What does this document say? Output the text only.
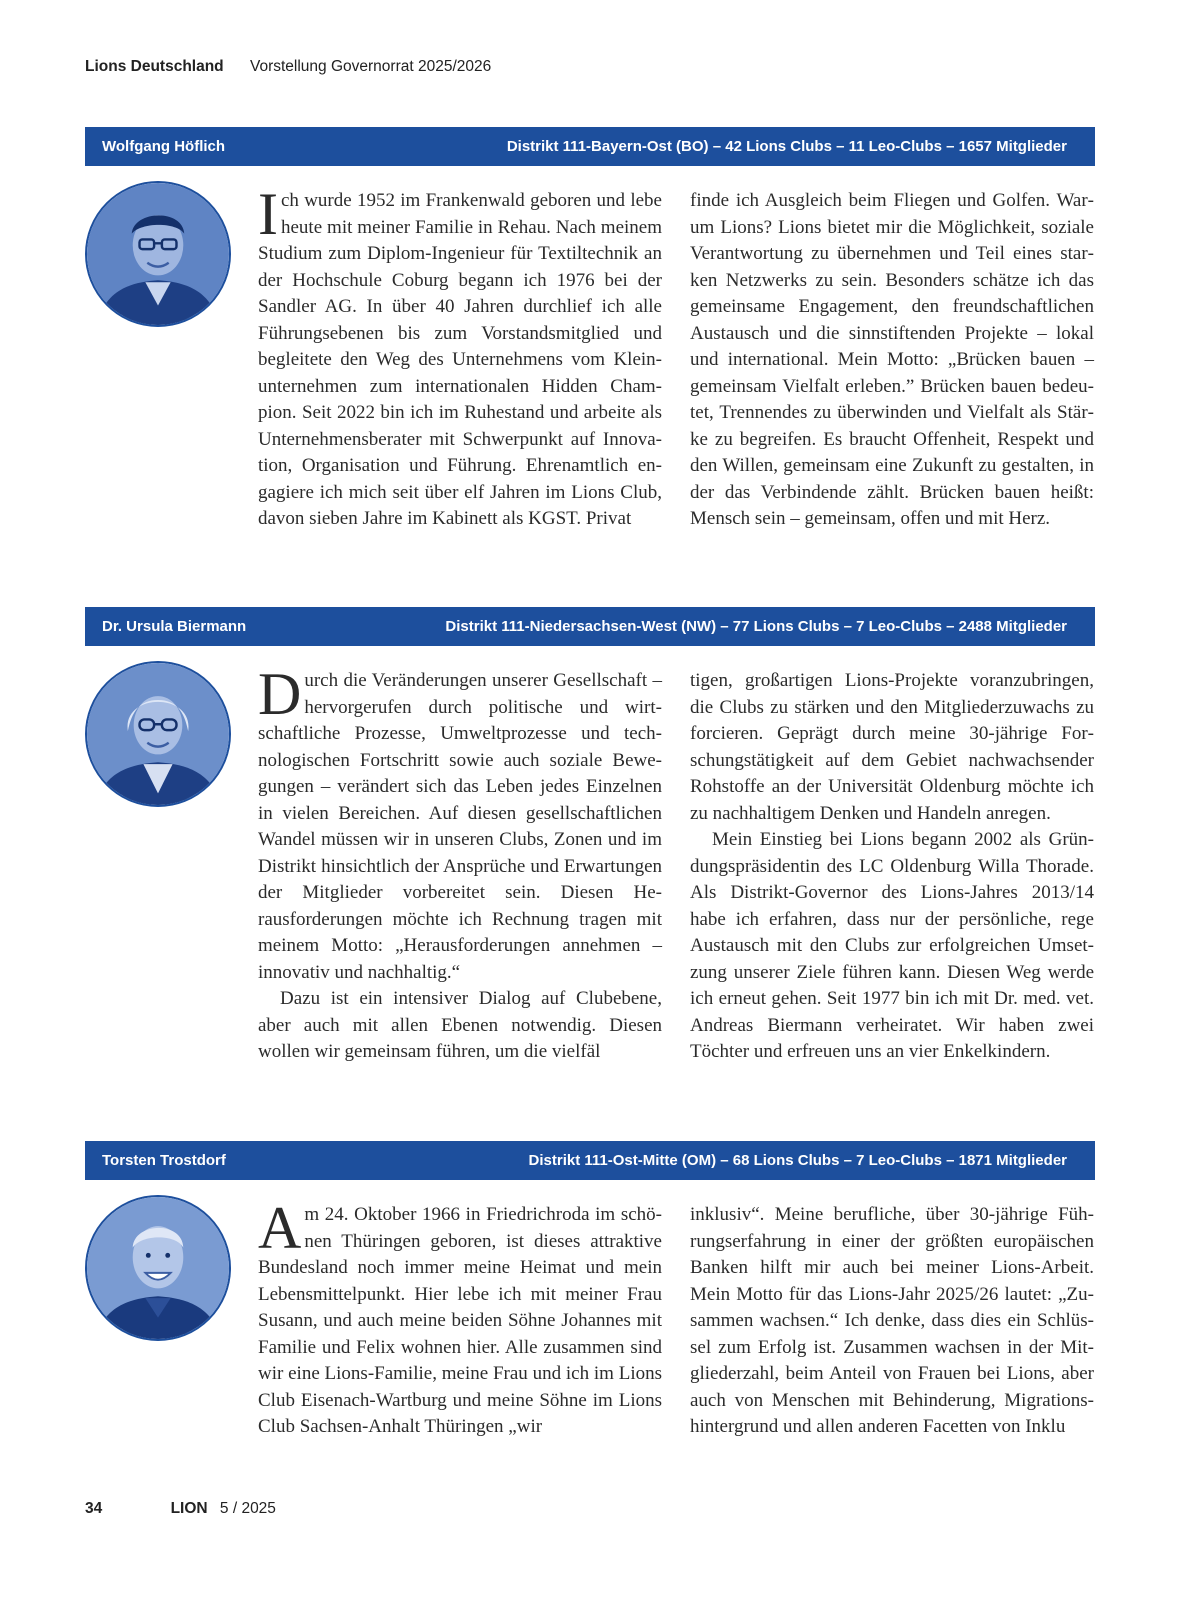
Lions Deutschland Vorstellung Governorrat 2025/2026
Wolfgang Höflich	Distrikt 111-Bayern-Ost (BO) – 42 Lions Clubs – 11 Leo-Clubs – 1657 Mitglieder

Ich wurde 1952 im Frankenwald geboren und lebe heute mit meiner Familie in Rehau. Nach meinem Studium zum Diplom-Ingenieur für Textiltechnik an der Hochschule Coburg begann ich 1976 bei der Sandler AG. In über 40 Jahren durchlief ich alle Führungsebenen bis zum Vorstandsmitglied und begleitete den Weg des Unternehmens vom Kleinunternehmen zum internationalen Hidden Champion. Seit 2022 bin ich im Ruhestand und arbeite als Unternehmensberater mit Schwerpunkt auf Innovation, Organisation und Führung. Ehrenamtlich engagiere ich mich seit über elf Jahren im Lions Club, davon sieben Jahre im Kabinett als KGST. Privat

finde ich Ausgleich beim Fliegen und Golfen. Warum Lions? Lions bietet mir die Möglichkeit, soziale Verantwortung zu übernehmen und Teil eines starken Netzwerks zu sein. Besonders schätze ich das gemeinsame Engagement, den freundschaftlichen Austausch und die sinnstiftenden Projekte – lokal und international. Mein Motto: „Brücken bauen – gemeinsam Vielfalt erleben.” Brücken bauen bedeutet, Trennendes zu überwinden und Vielfalt als Stärke zu begreifen. Es braucht Offenheit, Respekt und den Willen, gemeinsam eine Zukunft zu gestalten, in der das Verbindende zählt. Brücken bauen heißt: Mensch sein – gemeinsam, offen und mit Herz.

Dr. Ursula Biermann	Distrikt 111-Niedersachsen-West (NW) – 77 Lions Clubs – 7 Leo-Clubs – 2488 Mitglieder

Durch die Veränderungen unserer Gesellschaft – hervorgerufen durch politische und wirtschaftliche Prozesse, Umweltprozesse und technologischen Fortschritt sowie auch soziale Bewegungen – verändert sich das Leben jedes Einzelnen in vielen Bereichen. Auf diesen gesellschaftlichen Wandel müssen wir in unseren Clubs, Zonen und im Distrikt hinsichtlich der Ansprüche und Erwartungen der Mitglieder vorbereitet sein. Diesen Herausforderungen möchte ich Rechnung tragen mit meinem Motto: „Herausforderungen annehmen – innovativ und nachhaltig.“

Dazu ist ein intensiver Dialog auf Clubebene, aber auch mit allen Ebenen notwendig. Diesen wollen wir gemeinsam führen, um die vielfäl

tigen, großartigen Lions-Projekte voranzubringen, die Clubs zu stärken und den Mitgliederzuwachs zu forcieren. Geprägt durch meine 30-jährige Forschungstätigkeit auf dem Gebiet nachwachsender Rohstoffe an der Universität Oldenburg möchte ich zu nachhaltigem Denken und Handeln anregen.

Mein Einstieg bei Lions begann 2002 als Gründungspräsidentin des LC Oldenburg Willa Thorade. Als Distrikt-Governor des Lions-Jahres 2013/14 habe ich erfahren, dass nur der persönliche, rege Austausch mit den Clubs zur erfolgreichen Umsetzung unserer Ziele führen kann. Diesen Weg werde ich erneut gehen. Seit 1977 bin ich mit Dr. med. vet. Andreas Biermann verheiratet. Wir haben zwei Töchter und erfreuen uns an vier Enkelkindern.

Torsten Trostdorf	Distrikt 111-Ost-Mitte (OM) – 68 Lions Clubs – 7 Leo-Clubs – 1871 Mitglieder

Am 24. Oktober 1966 in Friedrichroda im schönen Thüringen geboren, ist dieses attraktive Bundesland noch immer meine Heimat und mein Lebensmittelpunkt. Hier lebe ich mit meiner Frau Susann, und auch meine beiden Söhne Johannes mit Familie und Felix wohnen hier. Alle zusammen sind wir eine Lions-Familie, meine Frau und ich im Lions Club Eisenach-Wartburg und meine Söhne im Lions Club Sachsen-Anhalt Thüringen „wir

inklusiv“. Meine berufliche, über 30-jährige Führungserfahrung in einer der größten europäischen Banken hilft mir auch bei meiner Lions-Arbeit. Mein Motto für das Lions-Jahr 2025/26 lautet: „Zusammen wachsen.“ Ich denke, dass dies ein Schlüssel zum Erfolg ist. Zusammen wachsen in der Mitgliederzahl, beim Anteil von Frauen bei Lions, aber auch von Menschen mit Behinderung, Migrationshintergrund und allen anderen Facetten von Inklu

34	LION 5 / 2025
